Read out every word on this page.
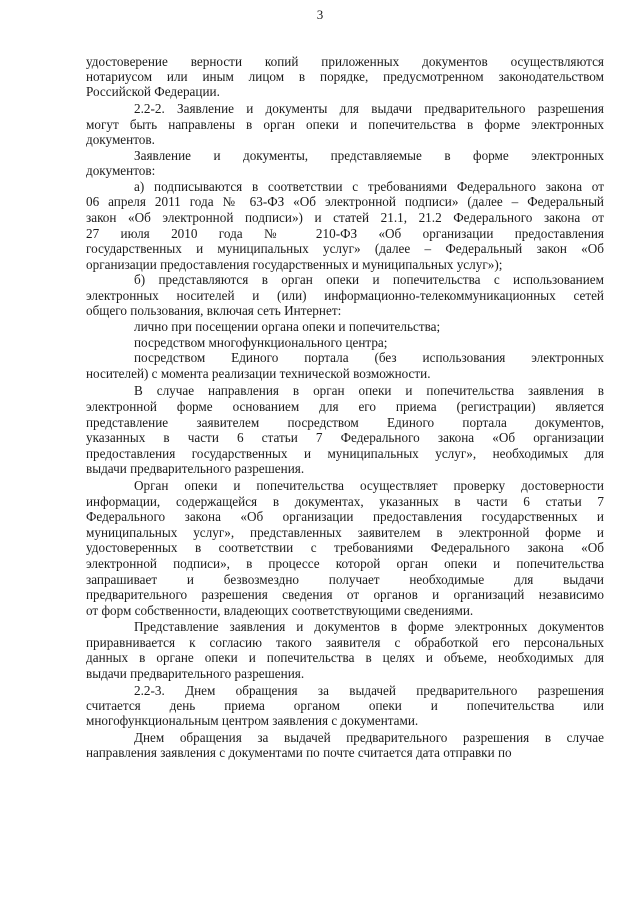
3
удостоверение верности копий приложенных документов осуществляются
нотариусом или иным лицом в порядке, предусмотренном законодательством
Российской Федерации.
2.2-2. Заявление и документы для выдачи предварительного разрешения
могут быть направлены в орган опеки и попечительства в форме электронных
документов.
Заявление и документы, представляемые в форме электронных
документов:
а) подписываются в соответствии с требованиями Федерального закона от
06 апреля 2011 года № 63-ФЗ «Об электронной подписи» (далее – Федеральный
закон «Об электронной подписи») и статей 21.1, 21.2 Федерального закона от
27 июля 2010 года № 210-ФЗ «Об организации предоставления
государственных и муниципальных услуг» (далее – Федеральный закон «Об
организации предоставления государственных и муниципальных услуг»);
б) представляются в орган опеки и попечительства с использованием
электронных носителей и (или) информационно-телекоммуникационных сетей
общего пользования, включая сеть Интернет:
лично при посещении органа опеки и попечительства;
посредством многофункционального центра;
посредством Единого портала (без использования электронных
носителей) с момента реализации технической возможности.
В случае направления в орган опеки и попечительства заявления в
электронной форме основанием для его приема (регистрации) является
представление заявителем посредством Единого портала документов,
указанных в части 6 статьи 7 Федерального закона «Об организации
предоставления государственных и муниципальных услуг», необходимых для
выдачи предварительного разрешения.
Орган опеки и попечительства осуществляет проверку достоверности
информации, содержащейся в документах, указанных в части 6 статьи 7
Федерального закона «Об организации предоставления государственных и
муниципальных услуг», представленных заявителем в электронной форме и
удостоверенных в соответствии с требованиями Федерального закона «Об
электронной подписи», в процессе которой орган опеки и попечительства
запрашивает и безвозмездно получает необходимые для выдачи
предварительного разрешения сведения от органов и организаций независимо
от форм собственности, владеющих соответствующими сведениями.
Представление заявления и документов в форме электронных документов
приравнивается к согласию такого заявителя с обработкой его персональных
данных в органе опеки и попечительства в целях и объеме, необходимых для
выдачи предварительного разрешения.
2.2-3. Днем обращения за выдачей предварительного разрешения
считается день приема органом опеки и попечительства или
многофункциональным центром заявления с документами.
Днем обращения за выдачей предварительного разрешения в случае
направления заявления с документами по почте считается дата отправки по
